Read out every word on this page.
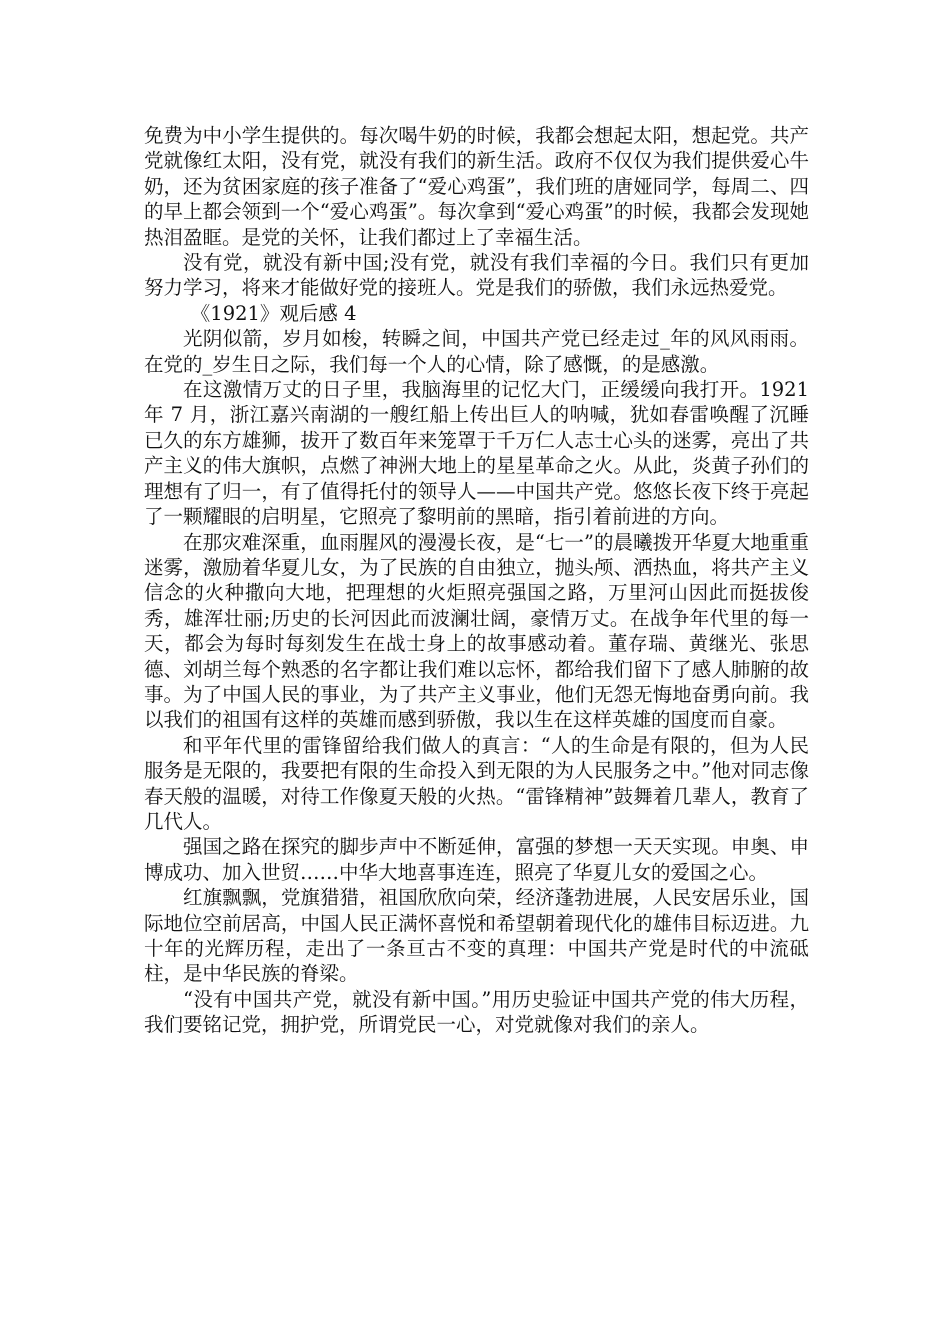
免费为中小学生提供的。每次喝牛奶的时候，我都会想起太阳，想起党。共产党就像红太阳，没有党，就没有我们的新生活。政府不仅仅为我们提供爱心牛奶，还为贫困家庭的孩子准备了“爱心鸡蛋”，我们班的唐娅同学，每周二、四的早上都会领到一个“爱心鸡蛋”。每次拿到“爱心鸡蛋”的时候，我都会发现她热泪盈眶。是党的关怀，让我们都过上了幸福生活。

没有党，就没有新中国;没有党，就没有我们幸福的今日。我们只有更加努力学习，将来才能做好党的接班人。党是我们的骄傲，我们永远热爱党。

《1921》观后感 4

光阴似箭，岁月如梭，转瞬之间，中国共产党已经走过_年的风风雨雨。在党的_岁生日之际，我们每一个人的心情，除了感慨，的是感激。

在这激情万丈的日子里，我脑海里的记忆大门，正缓缓向我打开。1921 年 7 月，浙江嘉兴南湖的一艘红船上传出巨人的呐喊，犹如春雷唤醒了沉睡已久的东方雄狮，拔开了数百年来笼罩于千万仁人志士心头的迷雾，亮出了共产主义的伟大旗帜，点燃了神洲大地上的星星革命之火。从此，炎黄子孙们的理想有了归一，有了值得托付的领导人——中国共产党。悠悠长夜下终于亮起了一颗耀眼的启明星，它照亮了黎明前的黑暗，指引着前进的方向。

在那灾难深重，血雨腥风的漫漫长夜，是“七一”的晨曦拨开华夏大地重重迷雾，激励着华夏儿女，为了民族的自由独立，抛头颅、洒热血，将共产主义信念的火种撒向大地，把理想的火炬照亮强国之路，万里河山因此而挺拔俊秀，雄浑壮丽;历史的长河因此而波澜壮阔，豪情万丈。在战争年代里的每一天，都会为每时每刻发生在战士身上的故事感动着。董存瑞、黄继光、张思德、刘胡兰每个熟悉的名字都让我们难以忘怀，都给我们留下了感人肺腑的故事。为了中国人民的事业，为了共产主义事业，他们无怨无悔地奋勇向前。我以我们的祖国有这样的英雄而感到骄傲，我以生在这样英雄的国度而自豪。

和平年代里的雷锋留给我们做人的真言：“人的生命是有限的，但为人民服务是无限的，我要把有限的生命投入到无限的为人民服务之中。”他对同志像春天般的温暖，对待工作像夏天般的火热。“雷锋精神”鼓舞着几辈人，教育了几代人。

强国之路在探究的脚步声中不断延伸，富强的梦想一天天实现。申奥、申博成功、加入世贸……中华大地喜事连连，照亮了华夏儿女的爱国之心。

红旗飘飘，党旗猎猎，祖国欣欣向荣，经济蓬勃进展，人民安居乐业，国际地位空前居高，中国人民正满怀喜悦和希望朝着现代化的雄伟目标迈进。九十年的光辉历程，走出了一条亘古不变的真理：中国共产党是时代的中流砥柱，是中华民族的脊梁。

“没有中国共产党，就没有新中国。”用历史验证中国共产党的伟大历程，我们要铭记党，拥护党，所谓党民一心，对党就像对我们的亲人。
